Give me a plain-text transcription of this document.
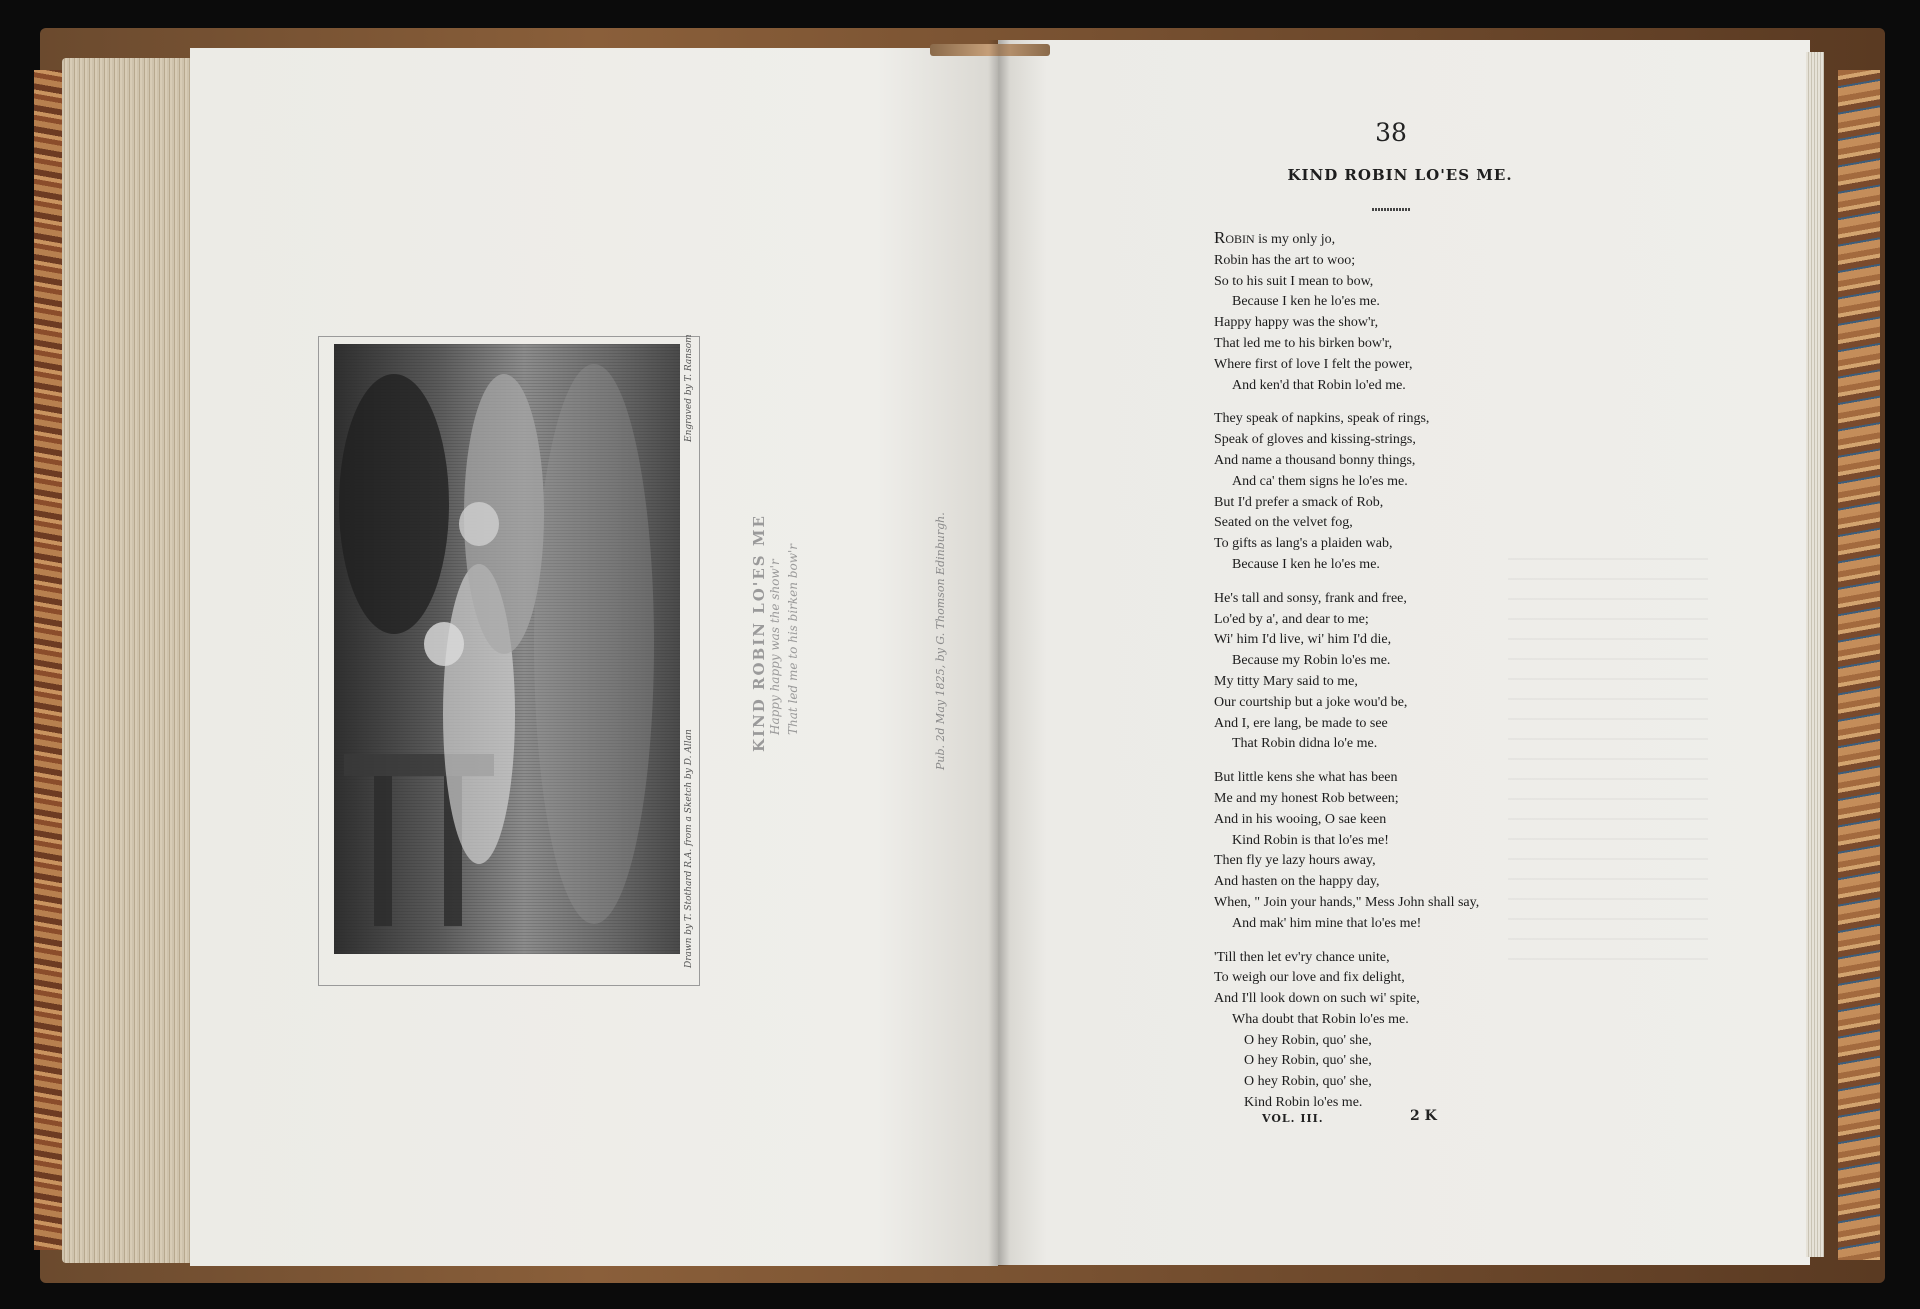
Drawn by T. Stothard R.A. from a Sketch by D. Allan
Engraved by T. Ransom
KIND ROBIN LO'ES ME Happy happy was the show'r That led me to his birken bow'r	Pub. 2d May 1825, by G. Thomson Edinburgh.
38
KIND ROBIN LO'ES ME.
Robin is my only jo,
Robin has the art to woo;
So to his suit I mean to bow,
Because I ken he lo'es me.
Happy happy was the show'r,
That led me to his birken bow'r,
Where first of love I felt the power,
And ken'd that Robin lo'ed me.
They speak of napkins, speak of rings,
Speak of gloves and kissing-strings,
And name a thousand bonny things,
And ca' them signs he lo'es me.
But I'd prefer a smack of Rob,
Seated on the velvet fog,
To gifts as lang's a plaiden wab,
Because I ken he lo'es me.
He's tall and sonsy, frank and free,
Lo'ed by a', and dear to me;
Wi' him I'd live, wi' him I'd die,
Because my Robin lo'es me.
My titty Mary said to me,
Our courtship but a joke wou'd be,
And I, ere lang, be made to see
That Robin didna lo'e me.
But little kens she what has been
Me and my honest Rob between;
And in his wooing, O sae keen
Kind Robin is that lo'es me!
Then fly ye lazy hours away,
And hasten on the happy day,
When, " Join your hands," Mess John shall say,
And mak' him mine that lo'es me!
'Till then let ev'ry chance unite,
To weigh our love and fix delight,
And I'll look down on such wi' spite,
Wha doubt that Robin lo'es me.
O hey Robin, quo' she,
O hey Robin, quo' she,
O hey Robin, quo' she,
Kind Robin lo'es me.
VOL. III.	2 K
